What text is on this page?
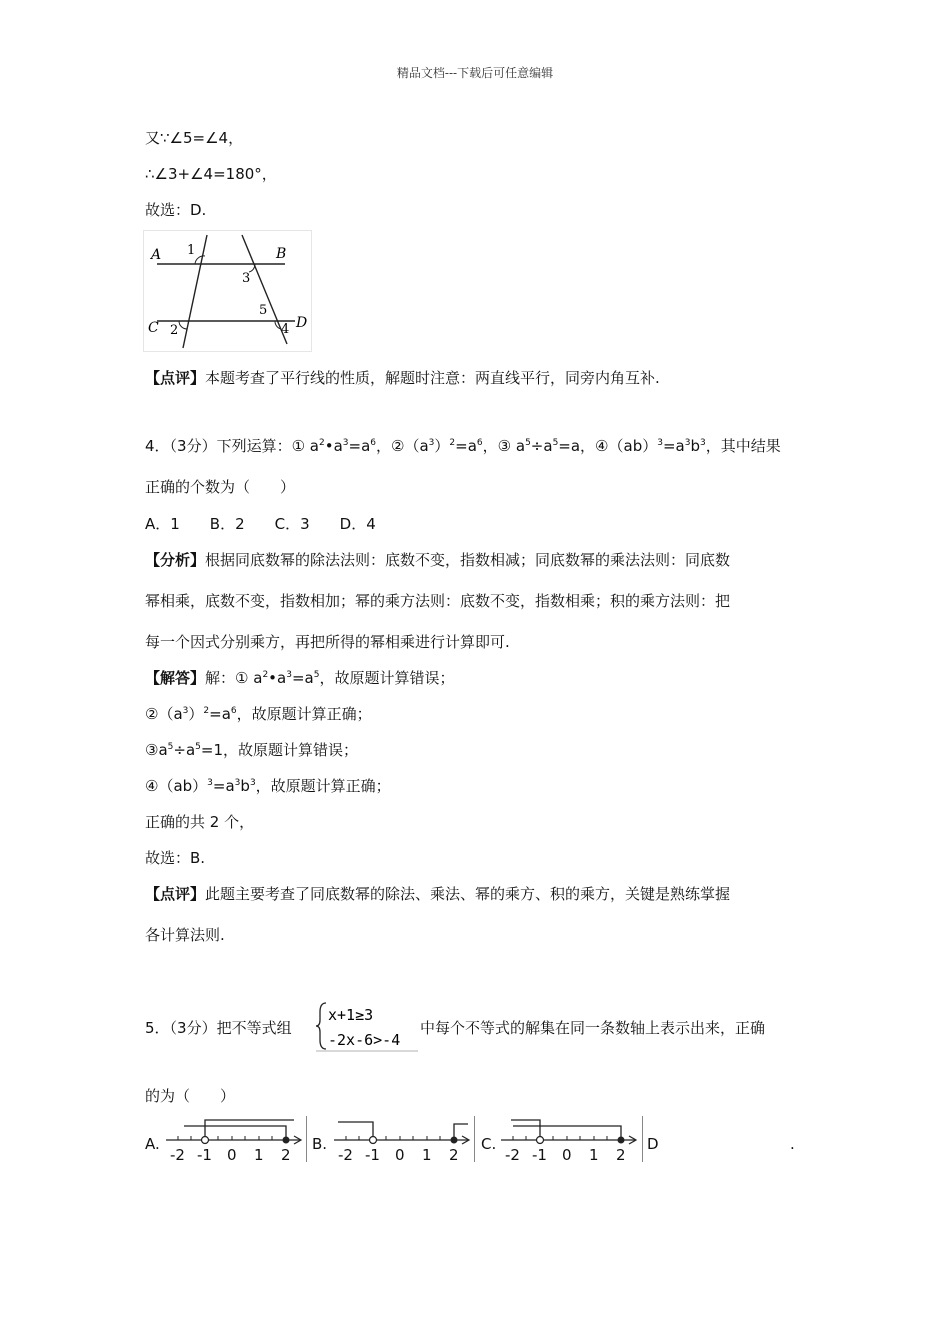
精品文档---下载后可任意编辑
又∵∠5=∠4，
∴∠3+∠4=180°，
故选：D.
A 1	B
3
5
C 2	4 D
【点评】本题考查了平行线的性质，解题时注意：两直线平行，同旁内角互补.
4．（3分）下列运算：① $a^2•a^3=a^6$，$②(a^3)^2=a^6$，③ $a^5\div a^5=a$，$④(ab)^3=a^3b^3$，其中结果
正确的个数为（　　）
A．1　　B．2　　C．3　　D．4
【分析】根据同底数幂的除法法则：底数不变，指数相减；同底数幂的乘法法则：同底数
幂相乘，底数不变，指数相加；幂的乘方法则：底数不变，指数相乘；积的乘方法则：把
每一个因式分别乘方，再把所得的幂相乘进行计算即可.
【解答】解：① $a^2•a^3=a^5$，故原题计算错误；
$②(a^3)^2=a^6$，故原题计算正确；
$③a^5\div a^5=1$，故原题计算错误；
$④(ab)^3=a^3b^3$，故原题计算正确；
正确的共 2 个，
故选：B.
【点评】此题主要考查了同底数幂的除法、乘法、幂的乘方、积的乘方，关键是熟练掌握
各计算法则.
5．（3分）把不等式组
x+1≥3
-2x-6>-4
中每个不等式的解集在同一条数轴上表示出来，正确
的为（　　）
A.	B.	C.	D	.
-2 -1 0 1 2	-2 -1 0 1 2	-2 -1 0 1 2
